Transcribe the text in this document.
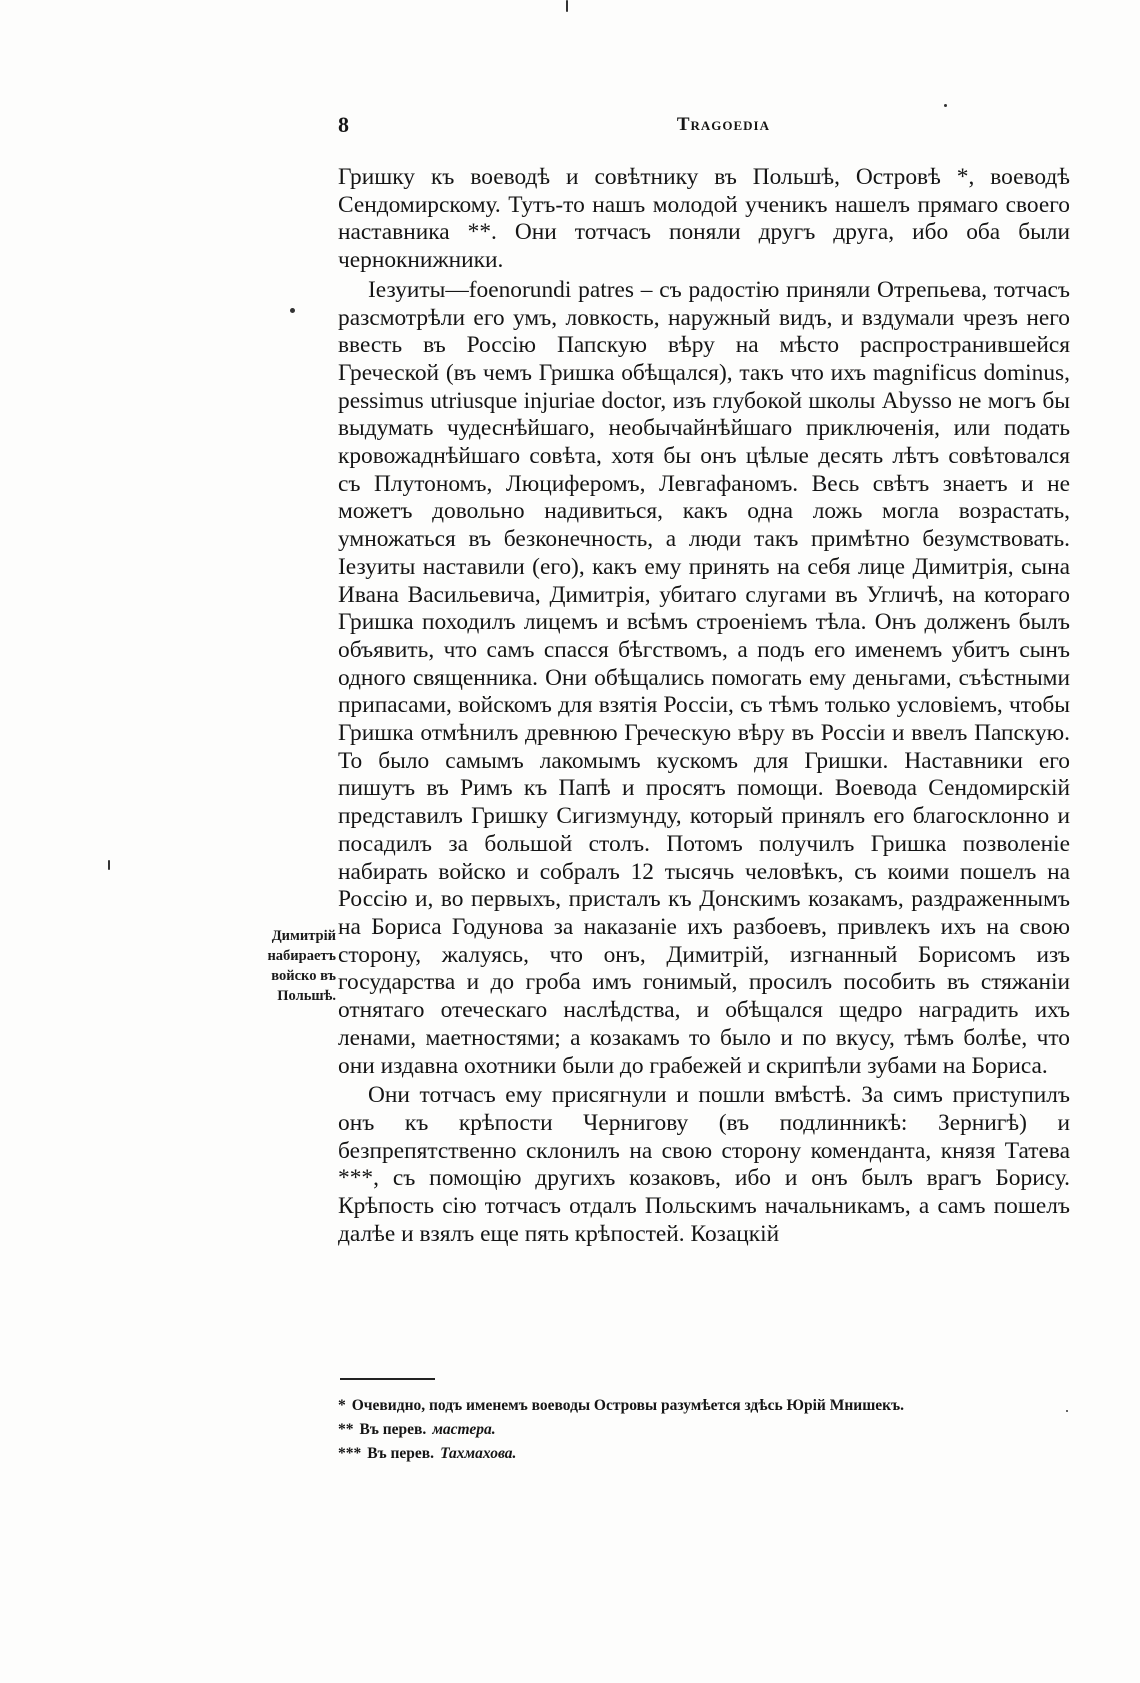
8	Tragoedia

Гришку къ воеводѣ и совѣтнику въ Польшѣ, Островѣ *, воеводѣ Сендомирскому. Тутъ-то нашъ молодой ученикъ нашелъ прямаго своего наставника **. Они тотчасъ поняли другъ друга, ибо оба были чернокнижники.

Іезуиты—foenorundi patres – съ радостію приняли Отрепьева, тотчасъ разсмотрѣли его умъ, ловкость, наружный видъ, и вздумали чрезъ него ввесть въ Россію Папскую вѣру на мѣсто распространившейся Греческой (въ чемъ Гришка обѣщался), такъ что ихъ magnificus dominus, pessimus utriusque injuriae doctor, изъ глубокой школы Abysso не могъ бы выдумать чудеснѣйшаго, необычайнѣйшаго приключенія, или подать кровожаднѣйшаго совѣта, хотя бы онъ цѣлые десять лѣтъ совѣтовался съ Плутономъ, Люциферомъ, Левгафаномъ. Весь свѣтъ знаетъ и не можетъ довольно надивиться, какъ одна ложь могла возрастать, умножаться въ безконечность, а люди такъ примѣтно безумствовать. Іезуиты наставили (его), какъ ему принять на себя лице Димитрія, сына Ивана Васильевича, Димитрія, убитаго слугами въ Угличѣ, на котораго Гришка походилъ лицемъ и всѣмъ строеніемъ тѣла. Онъ долженъ былъ объявить, что самъ спасся бѣгствомъ, а подъ его именемъ убитъ сынъ одного священника. Они обѣщались помогать ему деньгами, съѣстными припасами, войскомъ для взятія Россіи, съ тѣмъ только условіемъ, чтобы Гришка отмѣнилъ древнюю Греческую вѣру въ Россіи и ввелъ Папскую. То было самымъ лакомымъ кускомъ для Гришки. Наставники его пишутъ въ Римъ къ Папѣ и просятъ помощи. Воевода Сендомирскій представилъ Гришку Сигизмунду, который принялъ его благосклонно и посадилъ за большой столъ. Потомъ получилъ Гришка позволеніе набирать войско и собралъ 12 тысячь человѣкъ, съ коими пошелъ на Россію и, во первыхъ, присталъ къ Донскимъ козакамъ, раздраженнымъ на Бориса Годунова за наказаніе ихъ разбоевъ, привлекъ ихъ на свою сторону, жалуясь, что онъ, Димитрій, изгнанный Борисомъ изъ государства и до гроба имъ гонимый, просилъ пособить въ стяжаніи отнятаго отеческаго наслѣдства, и обѣщался щедро наградить ихъ ленами, маетностями; а козакамъ то было и по вкусу, тѣмъ болѣе, что они издавна охотники были до грабежей и скрипѣли зубами на Бориса.

Они тотчасъ ему присягнули и пошли вмѣстѣ. За симъ приступилъ онъ къ крѣпости Чернигову (въ подлинникѣ: Зернигѣ) и безпрепятственно склонилъ на свою сторону коменданта, князя Татева ***, съ помощію другихъ козаковъ, ибо и онъ былъ врагъ Борису. Крѣпость сію тотчасъ отдалъ Польскимъ начальникамъ, а самъ пошелъ далѣе и взялъ еще пять крѣпостей. Козацкій

Димитрій
набираетъ
войско въ
Польшѣ.
* Очевидно, подъ именемъ воеводы Островы разумѣется здѣсь Юрій Мнишекъ.
** Въ перев. мастера.
*** Въ перев. Тахмахова.
